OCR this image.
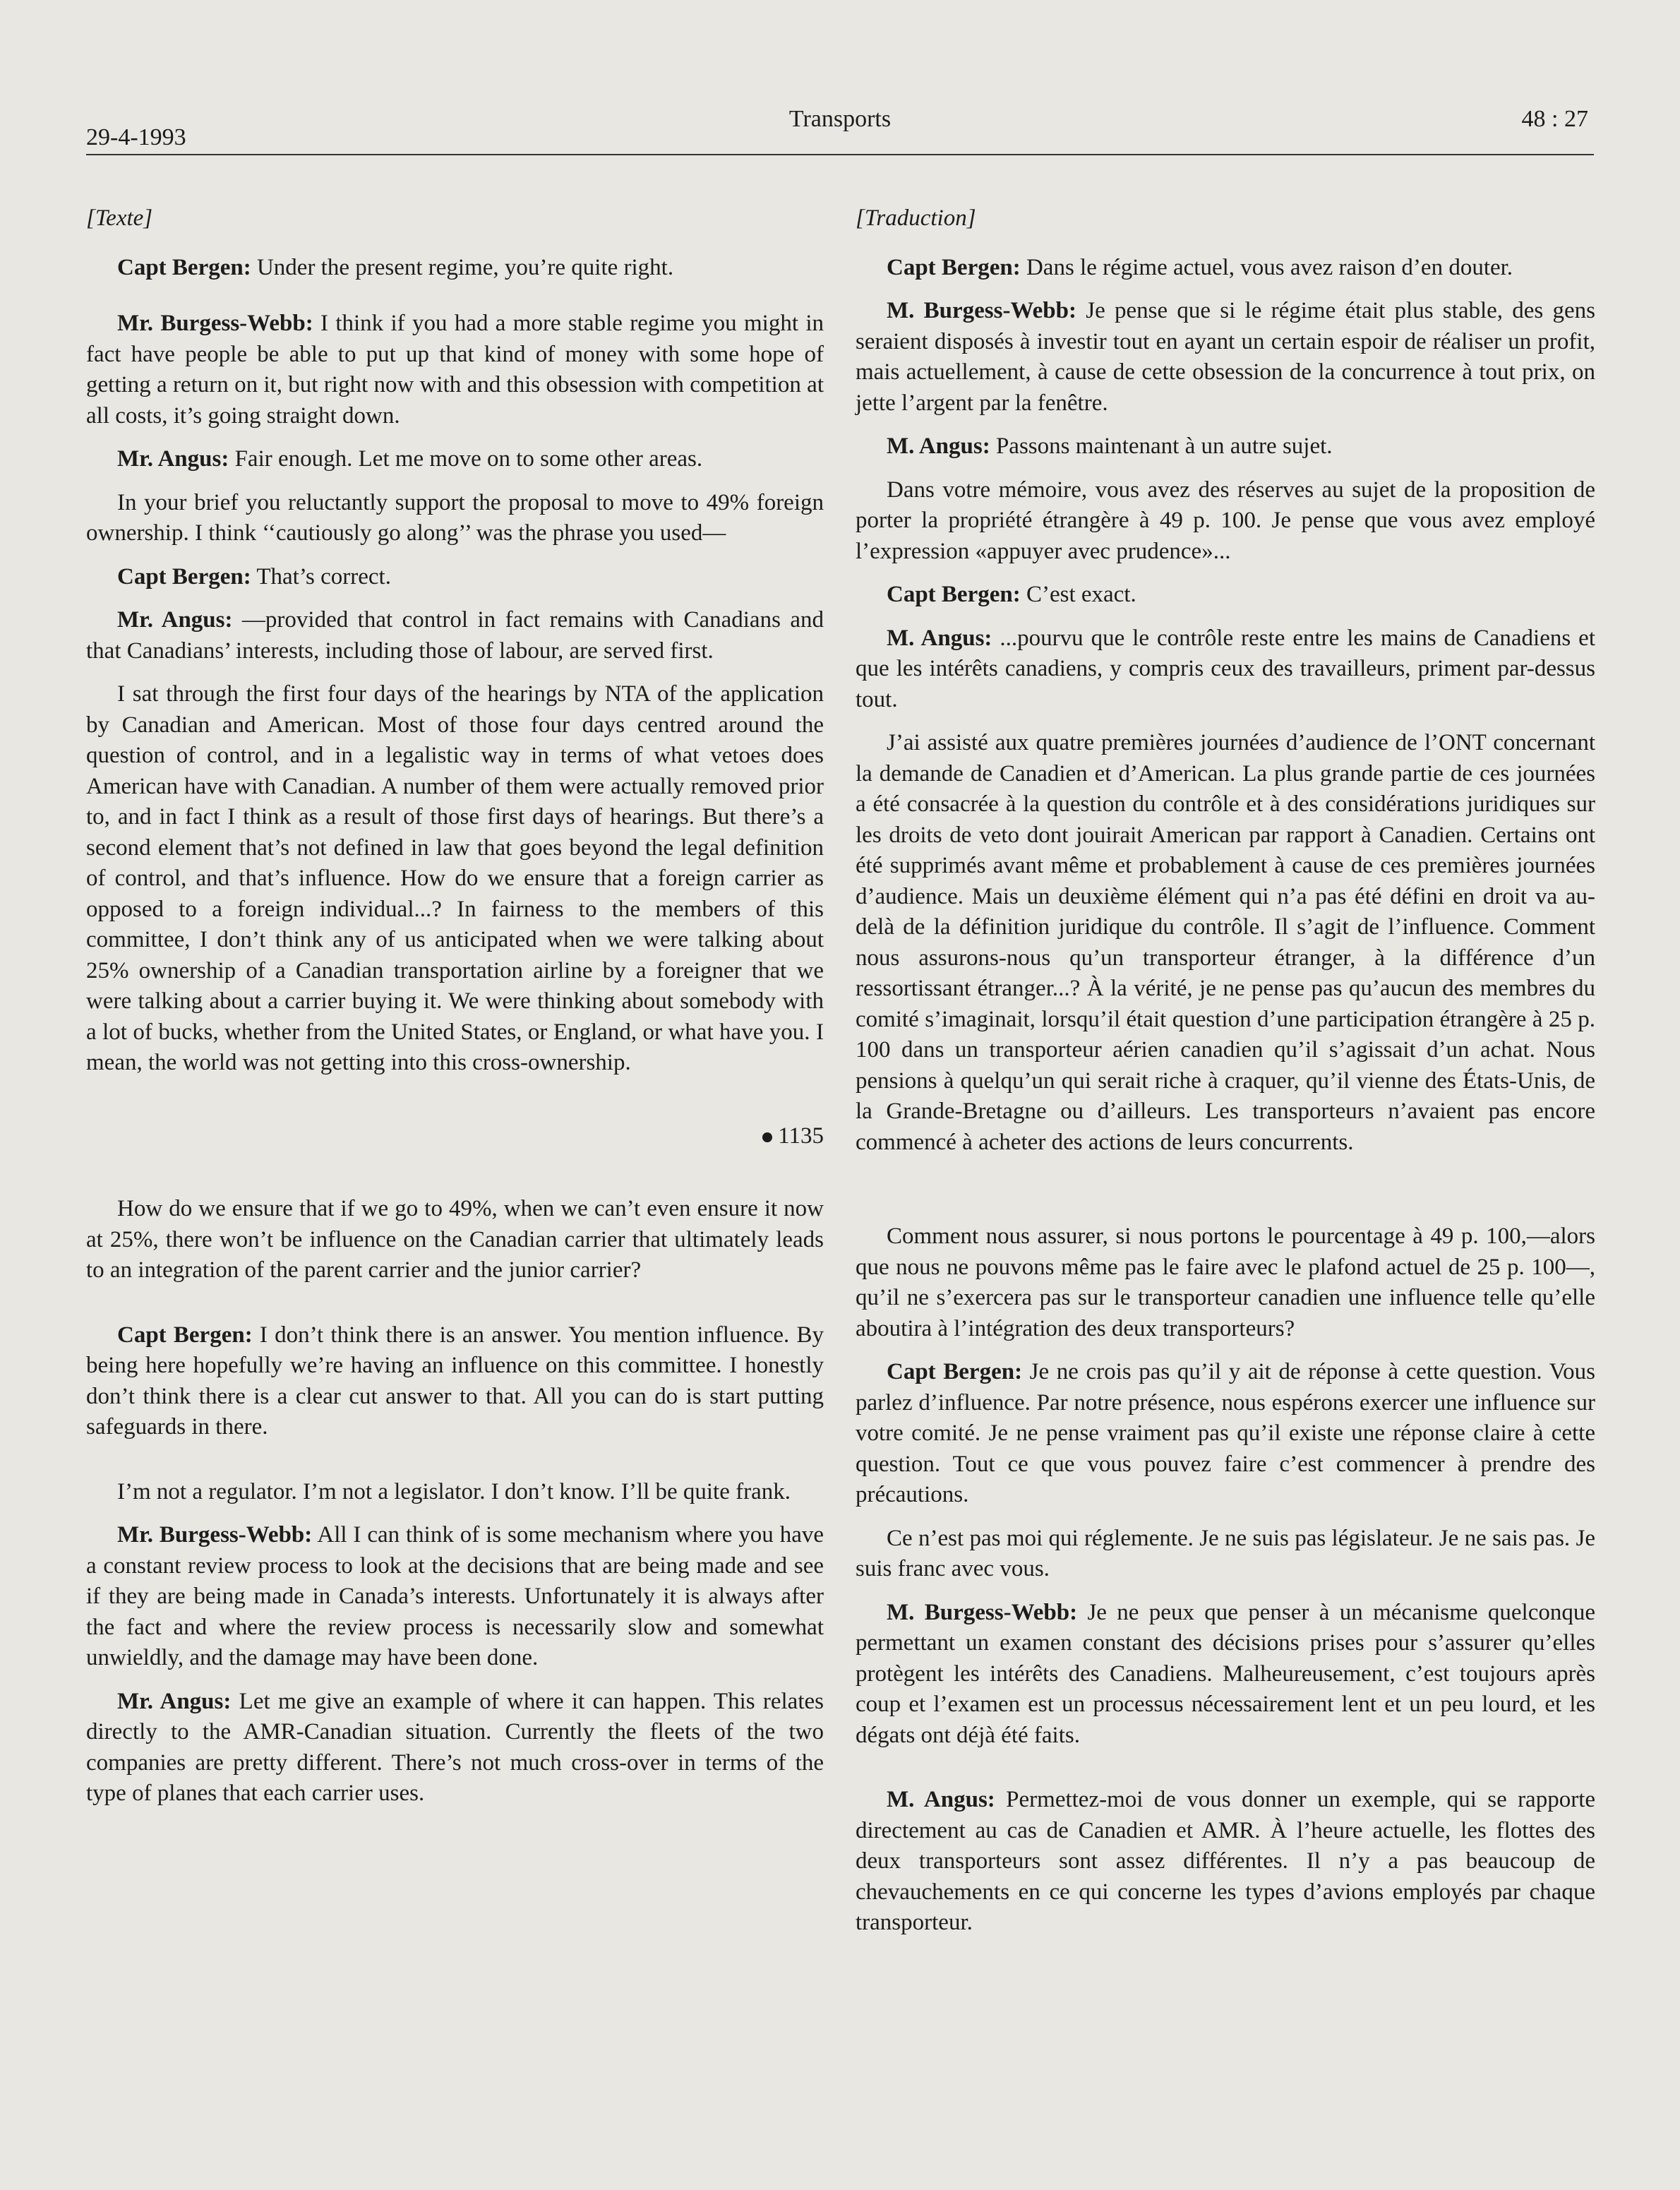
29-4-1993
Transports	48 : 27

[Texte]

Capt Bergen: Under the present regime, you’re quite right.

Mr. Burgess-Webb: I think if you had a more stable regime you might in fact have people be able to put up that kind of money with some hope of getting a return on it, but right now with and this obsession with competition at all costs, it’s going straight down.

Mr. Angus: Fair enough. Let me move on to some other areas.

In your brief you reluctantly support the proposal to move to 49% foreign ownership. I think ‘‘cautiously go along’’ was the phrase you used—

Capt Bergen: That’s correct.

Mr. Angus: —provided that control in fact remains with Canadians and that Canadians’ interests, including those of labour, are served first.

I sat through the first four days of the hearings by NTA of the application by Canadian and American. Most of those four days centred around the question of control, and in a legalistic way in terms of what vetoes does American have with Canadian. A number of them were actually removed prior to, and in fact I think as a result of those first days of hearings. But there’s a second element that’s not defined in law that goes beyond the legal definition of control, and that’s influence. How do we ensure that a foreign carrier as opposed to a foreign individual...? In fairness to the members of this committee, I don’t think any of us anticipated when we were talking about 25% ownership of a Canadian transportation airline by a foreigner that we were talking about a carrier buying it. We were thinking about somebody with a lot of bucks, whether from the United States, or England, or what have you. I mean, the world was not getting into this cross-ownership.

1135

How do we ensure that if we go to 49%, when we can’t even ensure it now at 25%, there won’t be influence on the Canadian carrier that ultimately leads to an integration of the parent carrier and the junior carrier?

Capt Bergen: I don’t think there is an answer. You mention influence. By being here hopefully we’re having an influence on this committee. I honestly don’t think there is a clear cut answer to that. All you can do is start putting safeguards in there.

I’m not a regulator. I’m not a legislator. I don’t know. I’ll be quite frank.

Mr. Burgess-Webb: All I can think of is some mechanism where you have a constant review process to look at the decisions that are being made and see if they are being made in Canada’s interests. Unfortunately it is always after the fact and where the review process is necessarily slow and somewhat unwieldly, and the damage may have been done.

Mr. Angus: Let me give an example of where it can happen. This relates directly to the AMR-Canadian situation. Currently the fleets of the two companies are pretty different. There’s not much cross-over in terms of the type of planes that each carrier uses.

[Traduction]

Capt Bergen: Dans le régime actuel, vous avez raison d’en douter.

M. Burgess-Webb: Je pense que si le régime était plus stable, des gens seraient disposés à investir tout en ayant un certain espoir de réaliser un profit, mais actuellement, à cause de cette obsession de la concurrence à tout prix, on jette l’argent par la fenêtre.

M. Angus: Passons maintenant à un autre sujet.

Dans votre mémoire, vous avez des réserves au sujet de la proposition de porter la propriété étrangère à 49 p. 100. Je pense que vous avez employé l’expression «appuyer avec prudence»...

Capt Bergen: C’est exact.

M. Angus: ...pourvu que le contrôle reste entre les mains de Canadiens et que les intérêts canadiens, y compris ceux des travailleurs, priment par-dessus tout.

J’ai assisté aux quatre premières journées d’audience de l’ONT concernant la demande de Canadien et d’American. La plus grande partie de ces journées a été consacrée à la question du contrôle et à des considérations juridiques sur les droits de veto dont jouirait American par rapport à Canadien. Certains ont été supprimés avant même et probablement à cause de ces premières journées d’audience. Mais un deuxième élément qui n’a pas été défini en droit va au-delà de la définition juridique du contrôle. Il s’agit de l’influence. Comment nous assurons-nous qu’un transporteur étranger, à la différence d’un ressortissant étranger...? À la vérité, je ne pense pas qu’aucun des membres du comité s’imaginait, lorsqu’il était question d’une participation étrangère à 25 p. 100 dans un transporteur aérien canadien qu’il s’agissait d’un achat. Nous pensions à quelqu’un qui serait riche à craquer, qu’il vienne des États-Unis, de la Grande-Bretagne ou d’ailleurs. Les transporteurs n’avaient pas encore commencé à acheter des actions de leurs concurrents.

Comment nous assurer, si nous portons le pourcentage à 49 p. 100,—alors que nous ne pouvons même pas le faire avec le plafond actuel de 25 p. 100—, qu’il ne s’exercera pas sur le transporteur canadien une influence telle qu’elle aboutira à l’intégration des deux transporteurs?

Capt Bergen: Je ne crois pas qu’il y ait de réponse à cette question. Vous parlez d’influence. Par notre présence, nous espérons exercer une influence sur votre comité. Je ne pense vraiment pas qu’il existe une réponse claire à cette question. Tout ce que vous pouvez faire c’est commencer à prendre des précautions.

Ce n’est pas moi qui réglemente. Je ne suis pas législateur. Je ne sais pas. Je suis franc avec vous.

M. Burgess-Webb: Je ne peux que penser à un mécanisme quelconque permettant un examen constant des décisions prises pour s’assurer qu’elles protègent les intérêts des Canadiens. Malheureusement, c’est toujours après coup et l’examen est un processus nécessairement lent et un peu lourd, et les dégats ont déjà été faits.

M. Angus: Permettez-moi de vous donner un exemple, qui se rapporte directement au cas de Canadien et AMR. À l’heure actuelle, les flottes des deux transporteurs sont assez différentes. Il n’y a pas beaucoup de chevauchements en ce qui concerne les types d’avions employés par chaque transporteur.
